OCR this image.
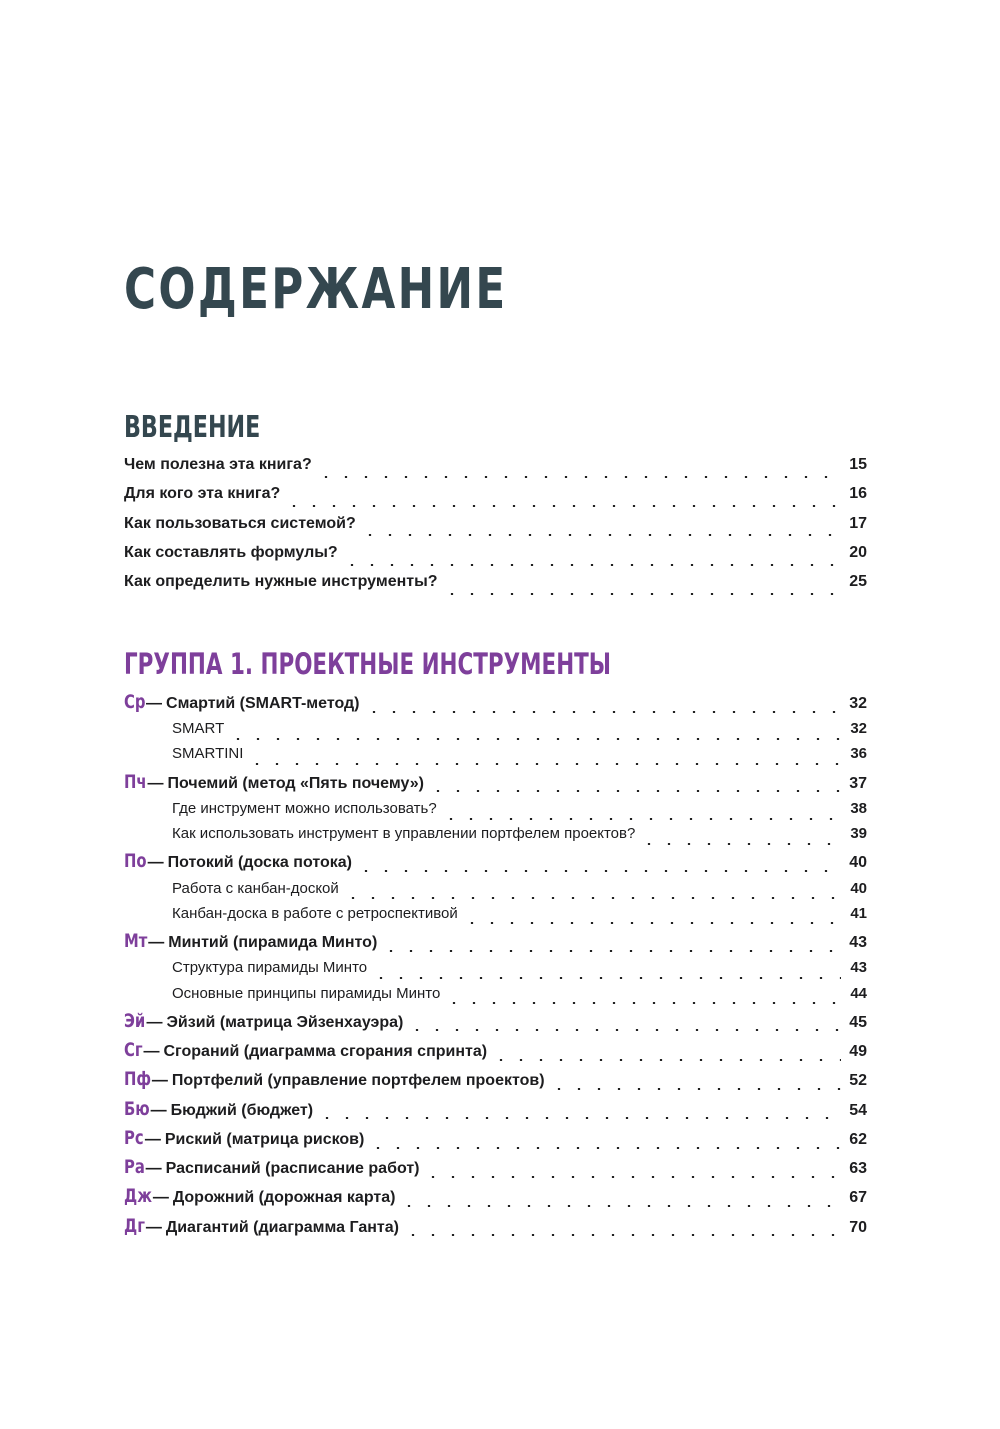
СОДЕРЖАНИЕ
ВВЕДЕНИЕ
Чем полезна эта книга?	15
Для кого эта книга?	16
Как пользоваться системой?	17
Как составлять формулы?	20
Как определить нужные инструменты?	25
ГРУППА 1. ПРОЕКТНЫЕ ИНСТРУМЕНТЫ
Ср— Смартий (SMART-метод)	32
SMART	32
SMARTINI	36
Пч— Почемий (метод «Пять почему»)	37
Где инструмент можно использовать?	38
Как использовать инструмент в управлении портфелем проектов?	39
По— Потокий (доска потока)	40
Работа с канбан-доской	40
Канбан-доска в работе с ретроспективой	41
Мт— Минтий (пирамида Минто)	43
Структура пирамиды Минто	43
Основные принципы пирамиды Минто	44
Эй— Эйзий (матрица Эйзенхауэра)	45
Сг— Сгораний (диаграмма сгорания спринта)	49
Пф— Портфелий (управление портфелем проектов)	52
Бю— Бюджий (бюджет)	54
Рс— Риский (матрица рисков)	62
Ра— Расписаний (расписание работ)	63
Дж— Дорожний (дорожная карта)	67
Дг— Диагантий (диаграмма Ганта)	70
